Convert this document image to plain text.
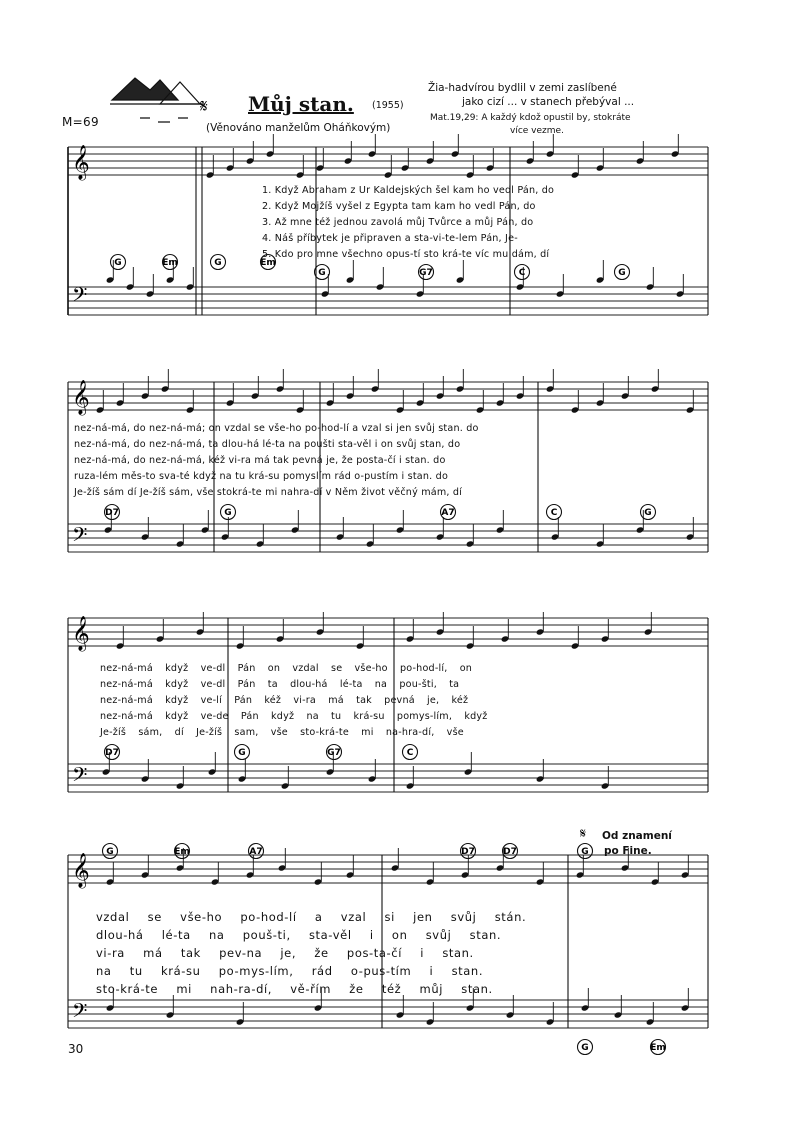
𝄋
M=69
Můj stan. (1955)
(Věnováno manželům Oháňkovým)
Žia-hadvírou bydlil v zemi zaslíbené
jako cizí ... v stanech přebýval ...
Mat.19,29: A každý kdož opustil by, stokráte
více vezme.
𝄞
𝄢
G	Em	G	Em
G	G7	C	G
𝄞
𝄢
D7	G	A7	C	G
𝄞
𝄢
D7	G	G7	C
𝄞
𝄢
G	Em	A7	D7	D7	G
G	Em
𝄋
1. Když Abraham z Ur Kaldejských šel kam ho vedl Pán, do
2. Když Mojžíš vyšel z Egypta tam kam ho vedl Pán, do
3. Až mne též jednou zavolá můj Tvůrce a můj Pán, do
4. Náš příbytek je připraven a sta-vi-te-lem Pán, Je-
5. Kdo pro mne všechno opus-tí sto krá-te víc mu dám, dí
nez-ná-má, do nez-ná-má; on vzdal se vše-ho po-hod-lí a vzal si jen svůj stan. do
nez-ná-má, do nez-ná-má, ta dlou-há lé-ta na poušti sta-věl i on svůj stan, do
nez-ná-má, do nez-ná-má, kéž vi-ra má tak pevná je, že posta-čí i stan. do
ruza-lém měs-to sva-té když na tu krá-su pomyslím rád o-pustím i stan. do
Je-žíš sám dí Je-žíš sám, vše stokrá-te mi nahra-dí v Něm život věčný mám, dí
nez-ná-má když ve-dl Pán on vzdal se vše-ho po-hod-lí, on
nez-ná-má když ve-dl Pán ta dlou-há lé-ta na pou-šti, ta
nez-ná-má když ve-lí Pán kéž vi-ra má tak pevná je, kéž
nez-ná-má když ve-de Pán když na tu krá-su pomys-lím, když
Je-žíš sám, dí Je-žíš sam, vše sto-krá-te mi na-hra-dí, vše
vzdal se vše-ho po-hod-lí a vzal si jen svůj stán.
dlou-há lé-ta na pouš-ti, sta-věl i on svůj stan.
vi-ra má tak pev-na je, že pos-ta-čí i stan.
na tu krá-su po-mys-lím, rád o-pus-tím i stan.
sto-krá-te mi nah-ra-dí, vě-řím že též můj stan.
Od znamení
po Fine.
30
